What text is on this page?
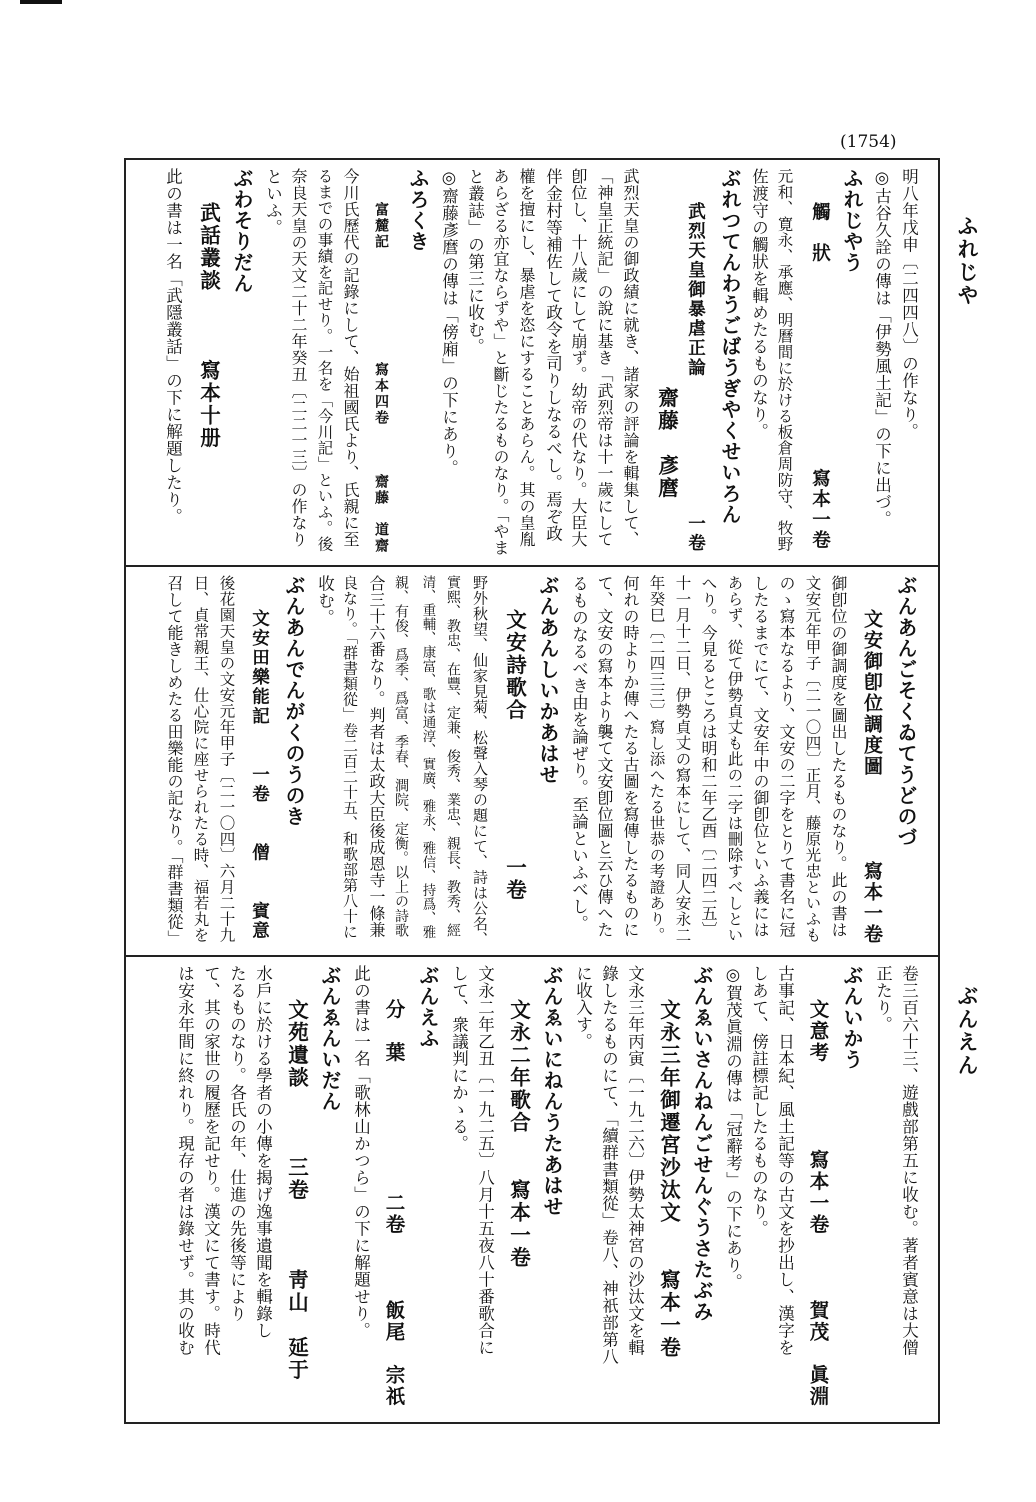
(1754)
ふれじや
ぶんえん
明八年戊申〔二四四八〕の作なり。
◎古谷久詮の傳は「伊勢風土記」の下に出づ。
ふれじやう
觸　狀　　　　　　　　　　寫本一卷
元和、寛永、承應、明曆間に於ける板倉周防守、牧野
佐渡守の觸狀を輯めたるものなり。
ぶれつてんわうごばうぎやくせいろん
武烈天皇御暴虐正論　　　　　　　一卷
　　　　　　　　　　齋藤　彥麿
武烈天皇の御政績に就き、諸家の評論を輯集して、
「神皇正統記」の說に基き「武烈帝は十一歲にして
卽位し、十八歲にして崩ず。幼帝の代なり。大臣大
伴金村等補佐して政令を司りしなるべし。焉ぞ政
權を擅にし、暴虐を恣にすることあらん。其の皇胤
あらざる亦宜ならずや」と斷じたるものなり。「やま
と叢誌」の第三に收む。
◎齋藤彥麿の傳は「傍廂」の下にあり。
ふろくき
富麓記　　　　　　　寫本四卷　　　齋藤　道齋
今川氏歷代の記錄にして、始祖國氏より、氏親に至
るまでの事績を記せり。一名を「今川記」といふ。後
奈良天皇の天文二十二年癸丑〔二二一三〕の作なり
といふ。
ぶわそりだん
武話叢談　　　寫本十册
此の書は一名「武隱叢話」の下に解題したり。
ぶんあんごそくゐてうどのづ
文安御卽位調度圖　　　　寫本一卷
御卽位の御調度を圖出したるものなり。此の書は
文安元年甲子〔二一〇四〕正月、藤原光忠といふも
のゝ寫本なるより、文安の二字をとりて書名に冠
したるまでにて、文安年中の御卽位といふ義には
あらず、從て伊勢貞丈も此の二字は刪除すべしとい
へり。今見るところは明和二年乙酉〔二四二五〕
十一月十二日、伊勢貞丈の寫本にして、同人安永二
年癸巳〔二四三三〕寫し添へたる世恭の考證あり。
何れの時よりか傳へたる古圖を寫傳したるものに
て、文安の寫本より襲て文安卽位圖と云ひ傳へた
るものなるべき由を論ぜり。至論といふべし。
ぶんあんしいかあはせ
文安詩歌合　　　　　　一卷
野外秋望、仙家見菊、松聲入琴の題にて、詩は公名、
實熙、教忠、在豐、定兼、俊秀、業忠、親長、教秀、經
清、重輔、康富、歌は通淳、實廣、雅永、雅信、持爲、雅
親、有俊、爲季、爲富、季春、澗院、定衡。以上の詩歌
合三十六番なり。判者は太政大臣後成恩寺一條兼
良なり。「群書類從」卷二百二十五、和歌部第八十に
收む。
ぶんあんでんがくのうのき
文安田樂能記　　一卷　　僧　　賓意
後花園天皇の文安元年甲子〔二一〇四〕六月二十九
日、貞常親王、仕心院に座せられたる時、福若丸を
召して能きしめたる田樂能の記なり。「群書類從」
卷三百六十三、遊戲部第五に收む。著者賓意は大僧
正たり。
ぶんいかう
文意考　　　　寫本一卷　　　賀茂　眞淵
古事記、日本紀、風土記等の古文を抄出し、漢字を
しあて、傍註標記したるものなり。
◎賀茂眞淵の傳は「冠辭考」の下にあり。
ぶんゑいさんねんごせんぐうさたぶみ
文永三年御遷宮沙汰文　　寫本一卷
文永三年丙寅〔一九二六〕伊勢太神宮の沙汰文を輯
錄したるものにて、「續群書類從」卷八、神祇部第八
に收入す。
ぶんゑいにねんうたあはせ
文永二年歌合　　寫本一卷
文永二年乙丑〔一九二五〕八月十五夜八十番歌合に
して、衆議判にかゝる。
ぶんえふ
分　葉　　　　　　二卷　　　飯尾　宗祇
此の書は一名「歌林山かつら」の下に解題せり。
ぶんゑんいだん
文苑遺談　　　三卷　　　靑山　延于
水戶に於ける學者の小傳を揭げ逸事遺聞を輯錄し
たるものなり。各氏の年、仕進の先後等により
て、其の家世の履歷を記せり。漢文にて書す。時代
は安永年間に終れり。現存の者は錄せず。其の收む
